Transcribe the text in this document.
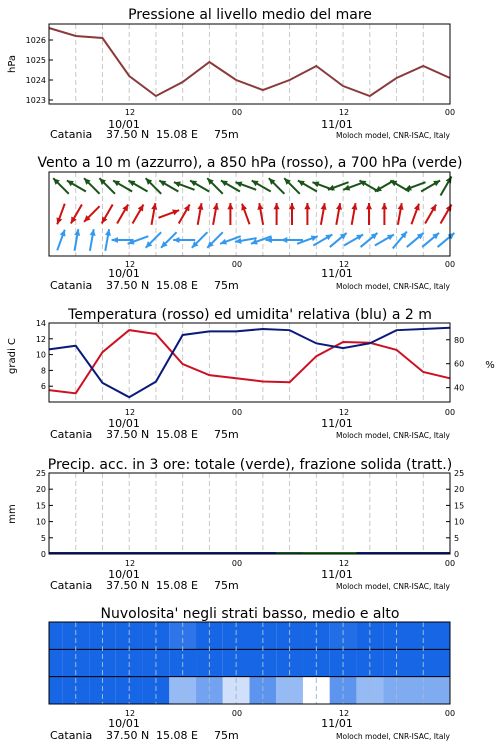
Pressione al livello medio del mare
hPa
1023
1024
1025
1026
12	00	12	00
10/01	11/01
Catania 37.50 N 15.08 E 75m	Moloch model, CNR-ISAC, Italy
Vento a 10 m (azzurro), a 850 hPa (rosso), a 700 hPa (verde)
12	00	12	00
10/01	11/01
Catania 37.50 N 15.08 E 75m	Moloch model, CNR-ISAC, Italy
Temperatura (rosso) ed umidita' relativa (blu) a 2 m
gradi C	%
6
8
10
12
14
40
60
80
12	00	12	00
10/01	11/01
Catania 37.50 N 15.08 E 75m	Moloch model, CNR-ISAC, Italy
Precip. acc. in 3 ore: totale (verde), frazione solida (tratt.)
mm
0	0
5	5
10	10
15	15
20	20
25	25
12	00	12	00
10/01	11/01
Catania 37.50 N 15.08 E 75m	Moloch model, CNR-ISAC, Italy
Nuvolosita' negli strati basso, medio e alto
12	00	12	00
10/01	11/01
Catania 37.50 N 15.08 E 75m	Moloch model, CNR-ISAC, Italy
